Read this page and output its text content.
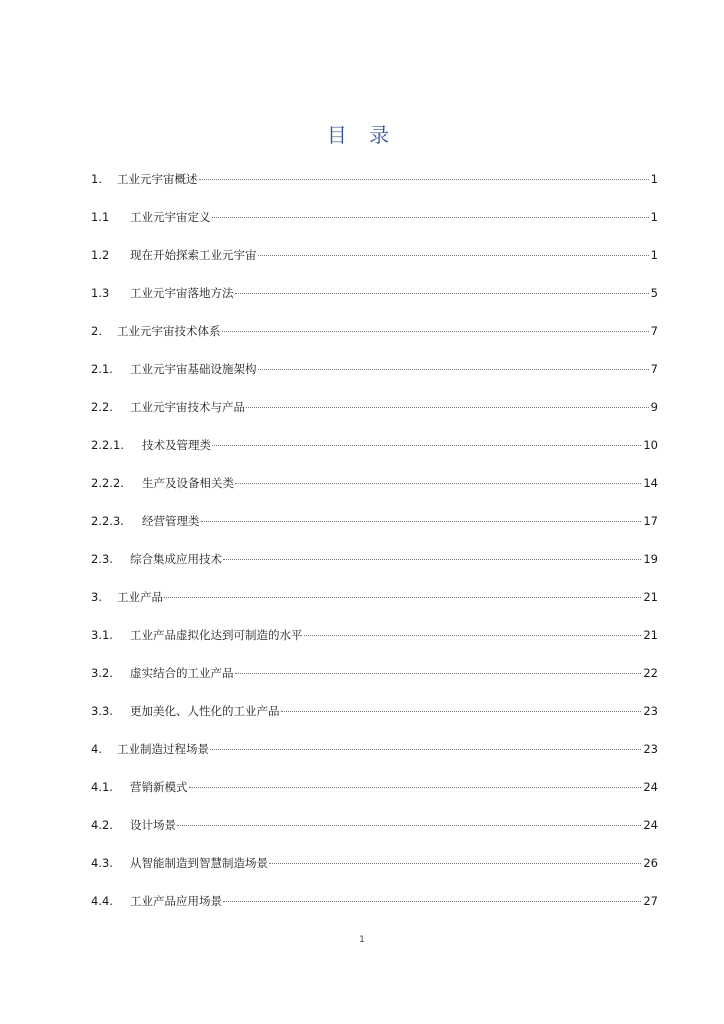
目 录
1.	工业元宇宙概述	1
1.1	工业元宇宙定义	1
1.2	现在开始探索工业元宇宙	1
1.3	工业元宇宙落地方法	5
2.	工业元宇宙技术体系	7
2.1.	工业元宇宙基础设施架构	7
2.2.	工业元宇宙技术与产品	9
2.2.1.	技术及管理类	10
2.2.2.	生产及设备相关类	14
2.2.3.	经营管理类	17
2.3.	综合集成应用技术	19
3.	工业产品	21
3.1.	工业产品虚拟化达到可制造的水平	21
3.2.	虚实结合的工业产品	22
3.3.	更加美化、人性化的工业产品	23
4.	工业制造过程场景	23
4.1.	营销新模式	24
4.2.	设计场景	24
4.3.	从智能制造到智慧制造场景	26
4.4.	工业产品应用场景	27
1
